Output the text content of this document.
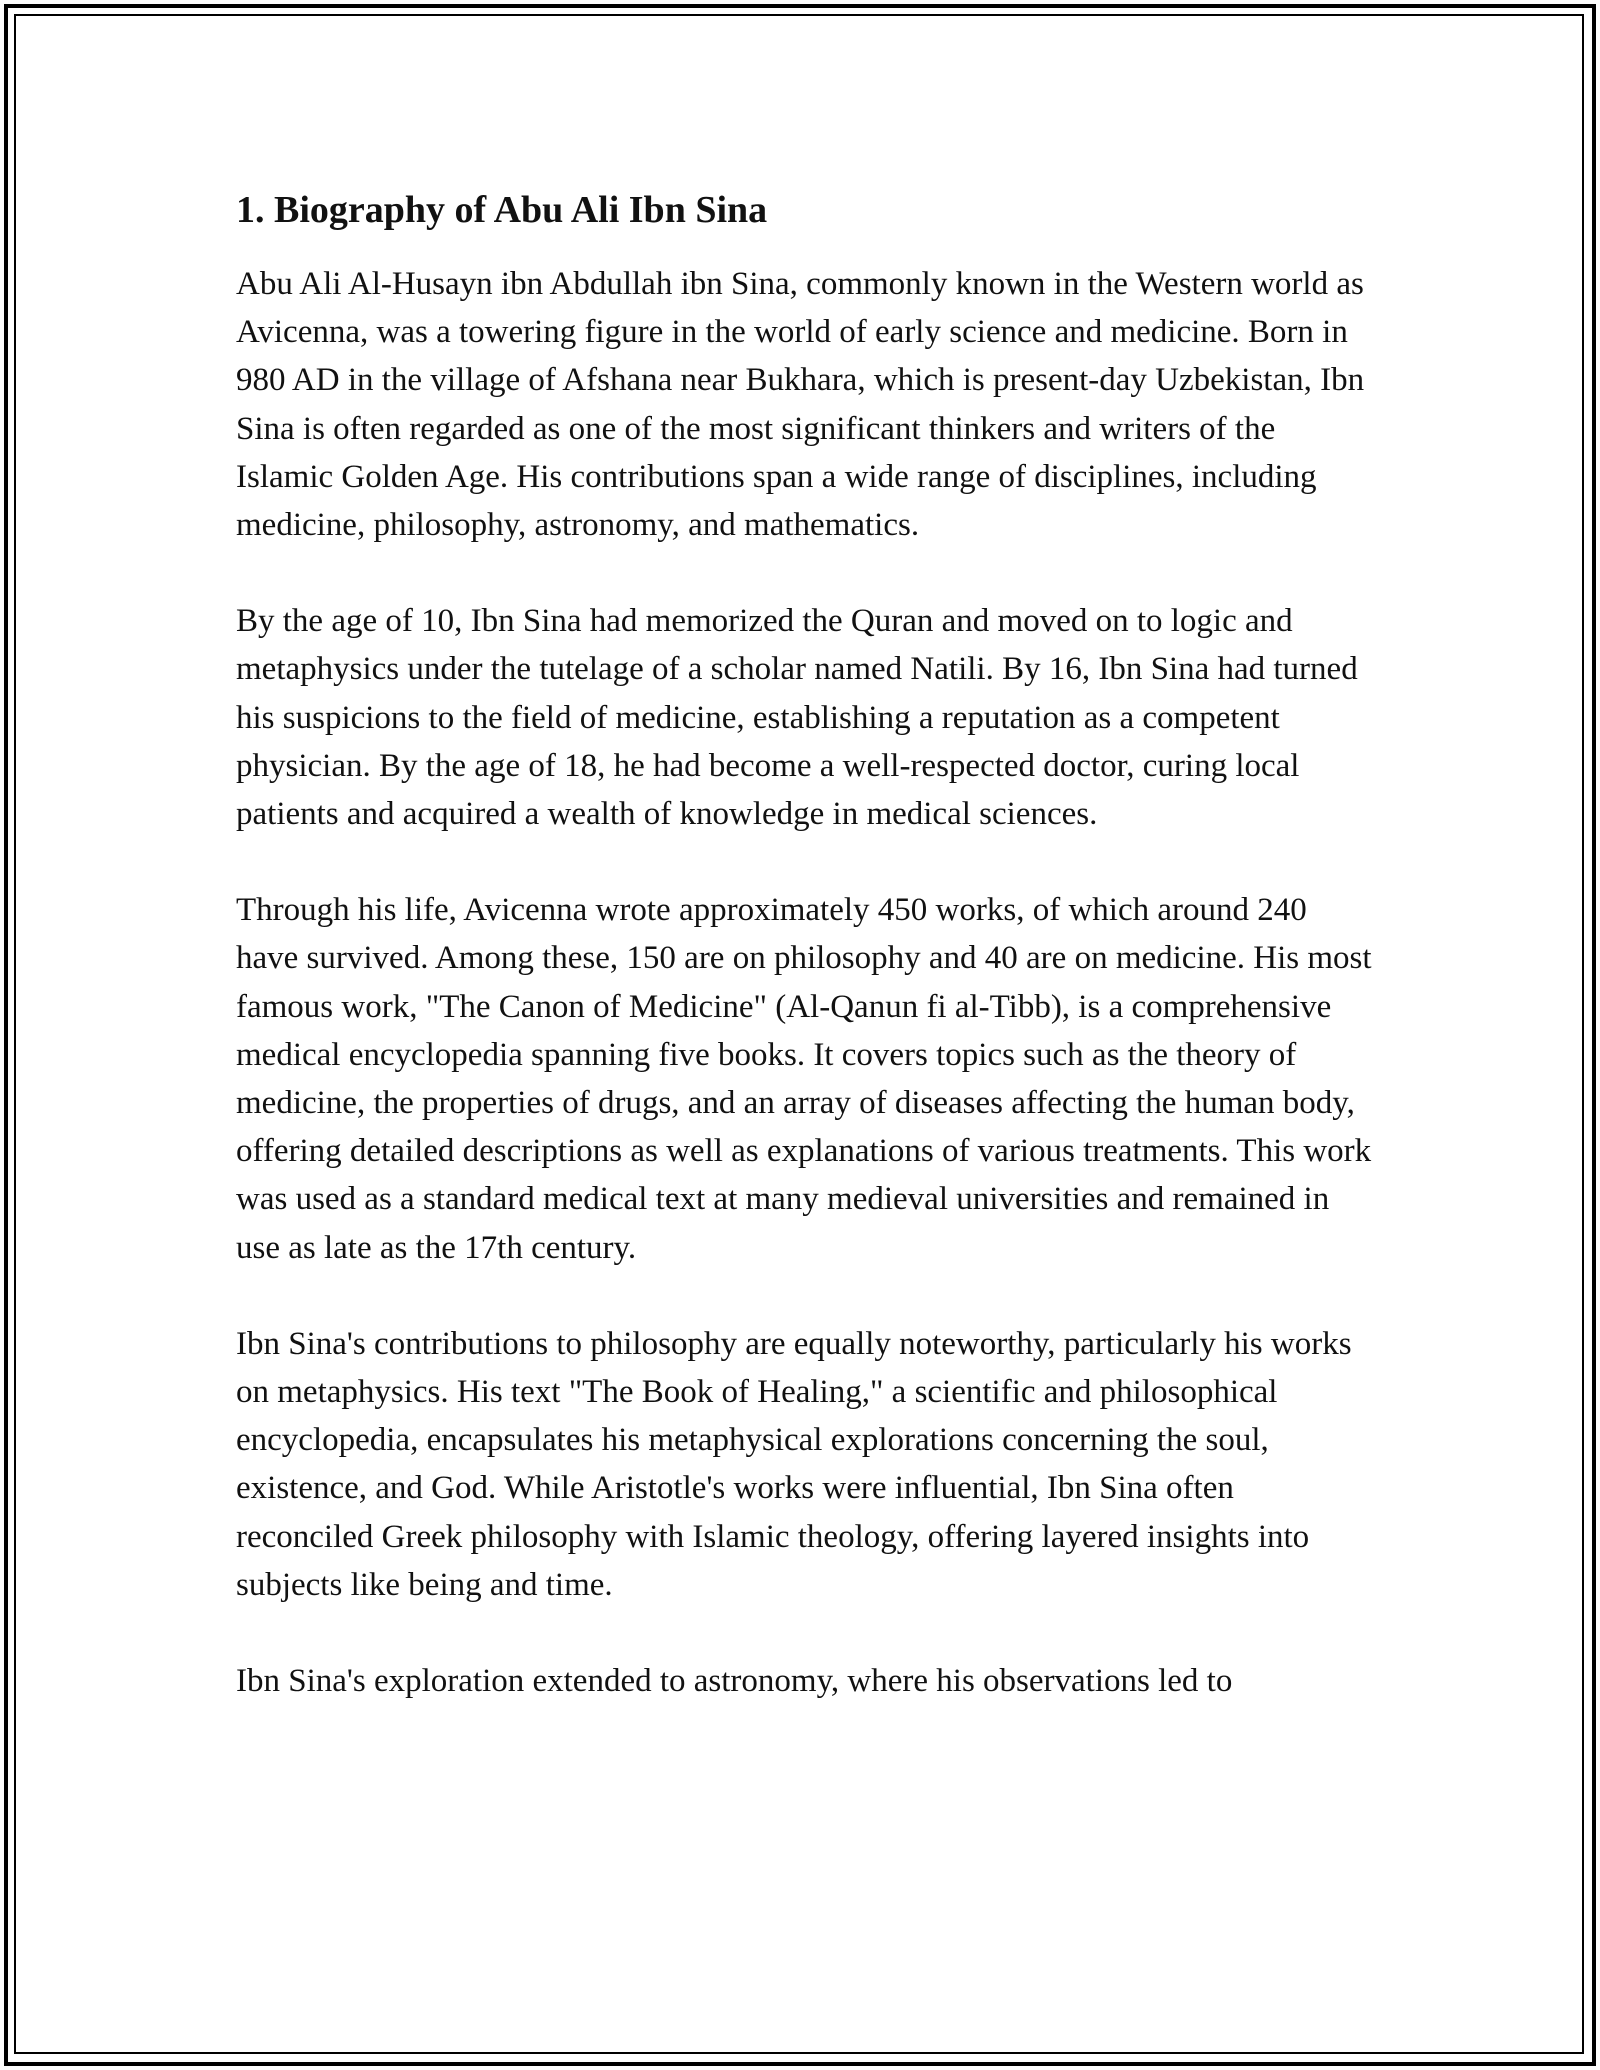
1. Biography of Abu Ali Ibn Sina

Abu Ali Al-Husayn ibn Abdullah ibn Sina, commonly known in the Western world as Avicenna, was a towering figure in the world of early science and medicine. Born in 980 AD in the village of Afshana near Bukhara, which is present-day Uzbekistan, Ibn Sina is often regarded as one of the most significant thinkers and writers of the Islamic Golden Age. His contributions span a wide range of disciplines, including medicine, philosophy, astronomy, and mathematics.

By the age of 10, Ibn Sina had memorized the Quran and moved on to logic and metaphysics under the tutelage of a scholar named Natili. By 16, Ibn Sina had turned his suspicions to the field of medicine, establishing a reputation as a competent physician. By the age of 18, he had become a well-respected doctor, curing local patients and acquired a wealth of knowledge in medical sciences.

Through his life, Avicenna wrote approximately 450 works, of which around 240 have survived. Among these, 150 are on philosophy and 40 are on medicine. His most famous work, "The Canon of Medicine" (Al-Qanun fi al-Tibb), is a comprehensive medical encyclopedia spanning five books. It covers topics such as the theory of medicine, the properties of drugs, and an array of diseases affecting the human body, offering detailed descriptions as well as explanations of various treatments. This work was used as a standard medical text at many medieval universities and remained in use as late as the 17th century.

Ibn Sina's contributions to philosophy are equally noteworthy, particularly his works on metaphysics. His text "The Book of Healing," a scientific and philosophical encyclopedia, encapsulates his metaphysical explorations concerning the soul, existence, and God. While Aristotle's works were influential, Ibn Sina often reconciled Greek philosophy with Islamic theology, offering layered insights into subjects like being and time.

Ibn Sina's exploration extended to astronomy, where his observations led to
